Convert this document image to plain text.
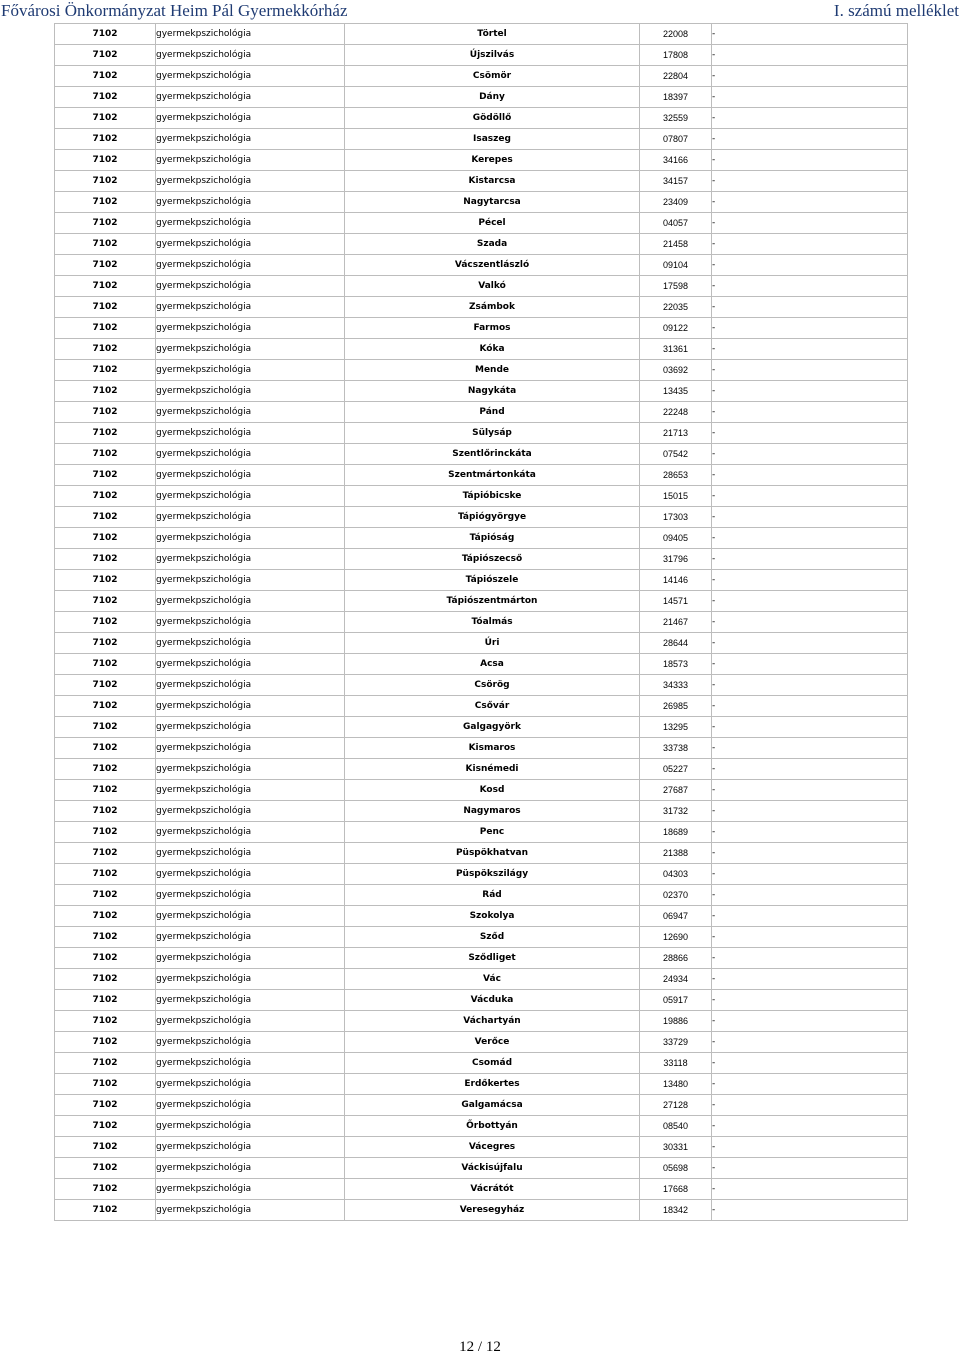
Fővárosi Önkormányzat Heim Pál Gyermekkórház	I. számú melléklet
7102	gyermekpszichológia	Törtel	22008	-
7102	gyermekpszichológia	Újszilvás	17808	-
7102	gyermekpszichológia	Csömör	22804	-
7102	gyermekpszichológia	Dány	18397	-
7102	gyermekpszichológia	Gödöllő	32559	-
7102	gyermekpszichológia	Isaszeg	07807	-
7102	gyermekpszichológia	Kerepes	34166	-
7102	gyermekpszichológia	Kistarcsa	34157	-
7102	gyermekpszichológia	Nagytarcsa	23409	-
7102	gyermekpszichológia	Pécel	04057	-
7102	gyermekpszichológia	Szada	21458	-
7102	gyermekpszichológia	Vácszentlászló	09104	-
7102	gyermekpszichológia	Valkó	17598	-
7102	gyermekpszichológia	Zsámbok	22035	-
7102	gyermekpszichológia	Farmos	09122	-
7102	gyermekpszichológia	Kóka	31361	-
7102	gyermekpszichológia	Mende	03692	-
7102	gyermekpszichológia	Nagykáta	13435	-
7102	gyermekpszichológia	Pánd	22248	-
7102	gyermekpszichológia	Sülysáp	21713	-
7102	gyermekpszichológia	Szentlőrinckáta	07542	-
7102	gyermekpszichológia	Szentmártonkáta	28653	-
7102	gyermekpszichológia	Tápióbicske	15015	-
7102	gyermekpszichológia	Tápiógyörgye	17303	-
7102	gyermekpszichológia	Tápióság	09405	-
7102	gyermekpszichológia	Tápiószecső	31796	-
7102	gyermekpszichológia	Tápiószele	14146	-
7102	gyermekpszichológia	Tápiószentmárton	14571	-
7102	gyermekpszichológia	Tóalmás	21467	-
7102	gyermekpszichológia	Úri	28644	-
7102	gyermekpszichológia	Acsa	18573	-
7102	gyermekpszichológia	Csörög	34333	-
7102	gyermekpszichológia	Csővár	26985	-
7102	gyermekpszichológia	Galgagyörk	13295	-
7102	gyermekpszichológia	Kismaros	33738	-
7102	gyermekpszichológia	Kisnémedi	05227	-
7102	gyermekpszichológia	Kosd	27687	-
7102	gyermekpszichológia	Nagymaros	31732	-
7102	gyermekpszichológia	Penc	18689	-
7102	gyermekpszichológia	Püspökhatvan	21388	-
7102	gyermekpszichológia	Püspökszilágy	04303	-
7102	gyermekpszichológia	Rád	02370	-
7102	gyermekpszichológia	Szokolya	06947	-
7102	gyermekpszichológia	Sződ	12690	-
7102	gyermekpszichológia	Sződliget	28866	-
7102	gyermekpszichológia	Vác	24934	-
7102	gyermekpszichológia	Vácduka	05917	-
7102	gyermekpszichológia	Váchartyán	19886	-
7102	gyermekpszichológia	Verőce	33729	-
7102	gyermekpszichológia	Csomád	33118	-
7102	gyermekpszichológia	Erdőkertes	13480	-
7102	gyermekpszichológia	Galgamácsa	27128	-
7102	gyermekpszichológia	Őrbottyán	08540	-
7102	gyermekpszichológia	Vácegres	30331	-
7102	gyermekpszichológia	Váckisújfalu	05698	-
7102	gyermekpszichológia	Vácrátót	17668	-
7102	gyermekpszichológia	Veresegyház	18342	-
12 / 12
